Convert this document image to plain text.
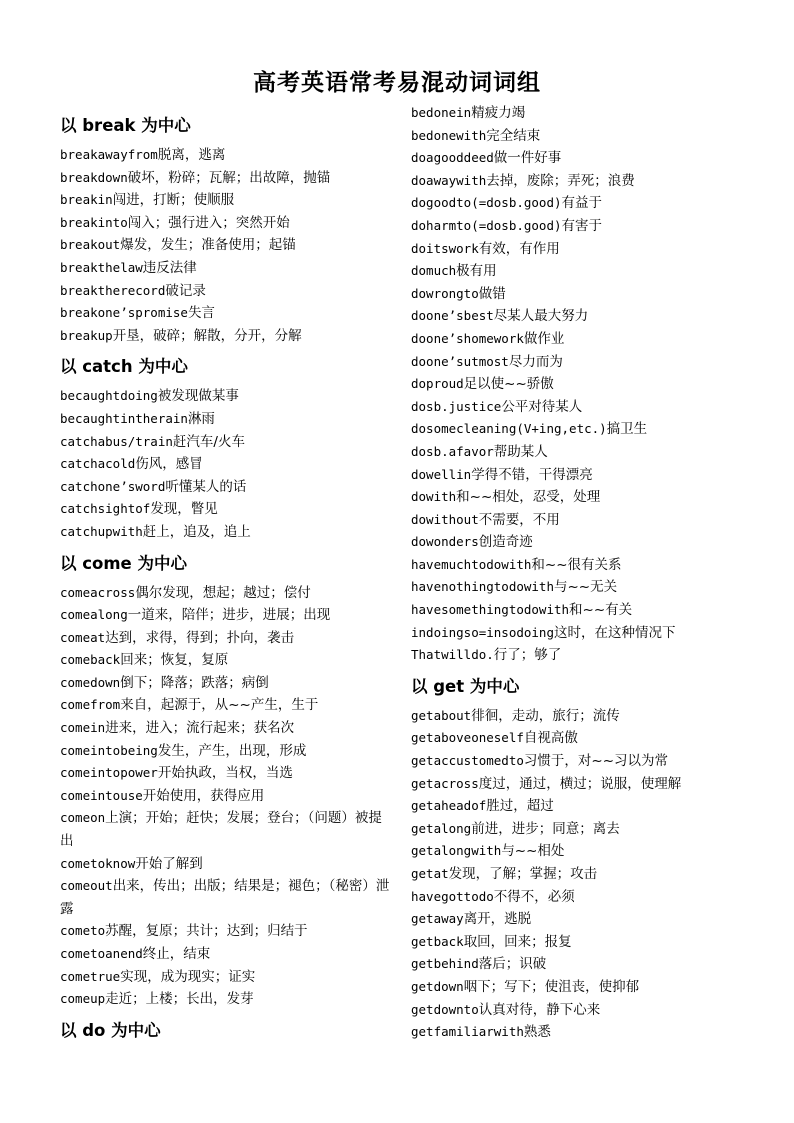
高考英语常考易混动词词组
以 break 为中心
breakawayfrom脱离，逃离
breakdown破坏，粉碎；瓦解；出故障，抛锚
breakin闯进，打断；使顺服
breakinto闯入；强行进入；突然开始
breakout爆发，发生；准备使用；起锚
breakthelaw违反法律
breaktherecord破记录
breakone’spromise失言
breakup开垦，破碎；解散，分开，分解
以 catch 为中心
becaughtdoing被发现做某事
becaughtintherain淋雨
catchabus/train赶汽车/火车
catchacold伤风，感冒
catchone’sword听懂某人的话
catchsightof发现，瞥见
catchupwith赶上，追及，追上
以 come 为中心
comeacross偶尔发现，想起；越过；偿付
comealong一道来，陪伴；进步，进展；出现
comeat达到，求得，得到；扑向，袭击
comeback回来；恢复，复原
comedown倒下；降落；跌落；病倒
comefrom来自，起源于，从~~产生，生于
comein进来，进入；流行起来；获名次
comeintobeing发生，产生，出现，形成
comeintopower开始执政，当权，当选
comeintouse开始使用，获得应用
comeon上演；开始；赶快；发展；登台；（问题）被提出
cometoknow开始了解到
comeout出来，传出；出版；结果是；褪色；（秘密）泄露
cometo苏醒，复原；共计；达到；归结于
cometoanend终止，结束
cometrue实现，成为现实；证实
comeup走近；上楼；长出，发芽
以 do 为中心
bedonein精疲力竭
bedonewith完全结束
doagooddeed做一件好事
doawaywith去掉，废除；弄死；浪费
dogoodto(=dosb.good)有益于
doharmto(=dosb.good)有害于
doitswork有效，有作用
domuch极有用
dowrongto做错
doone’sbest尽某人最大努力
doone’shomework做作业
doone’sutmost尽力而为
doproud足以使~~骄傲
dosb.justice公平对待某人
dosomecleaning(V+ing,etc.)搞卫生
dosb.afavor帮助某人
dowellin学得不错，干得漂亮
dowith和~~相处，忍受，处理
dowithout不需要，不用
dowonders创造奇迹
havemuchtodowith和~~很有关系
havenothingtodowith与~~无关
havesomethingtodowith和~~有关
indoingso=insodoing这时，在这种情况下
Thatwilldo.行了；够了
以 get 为中心
getabout徘徊，走动，旅行；流传
getaboveoneself自视高傲
getaccustomedto习惯于，对~~习以为常
getacross度过，通过，横过；说服，使理解
getaheadof胜过，超过
getalong前进，进步；同意；离去
getalongwith与~~相处
getat发现，了解；掌握；攻击
havegottodo不得不，必须
getaway离开，逃脱
getback取回，回来；报复
getbehind落后；识破
getdown咽下；写下；使沮丧，使抑郁
getdownto认真对待，静下心来
getfamiliarwith熟悉
